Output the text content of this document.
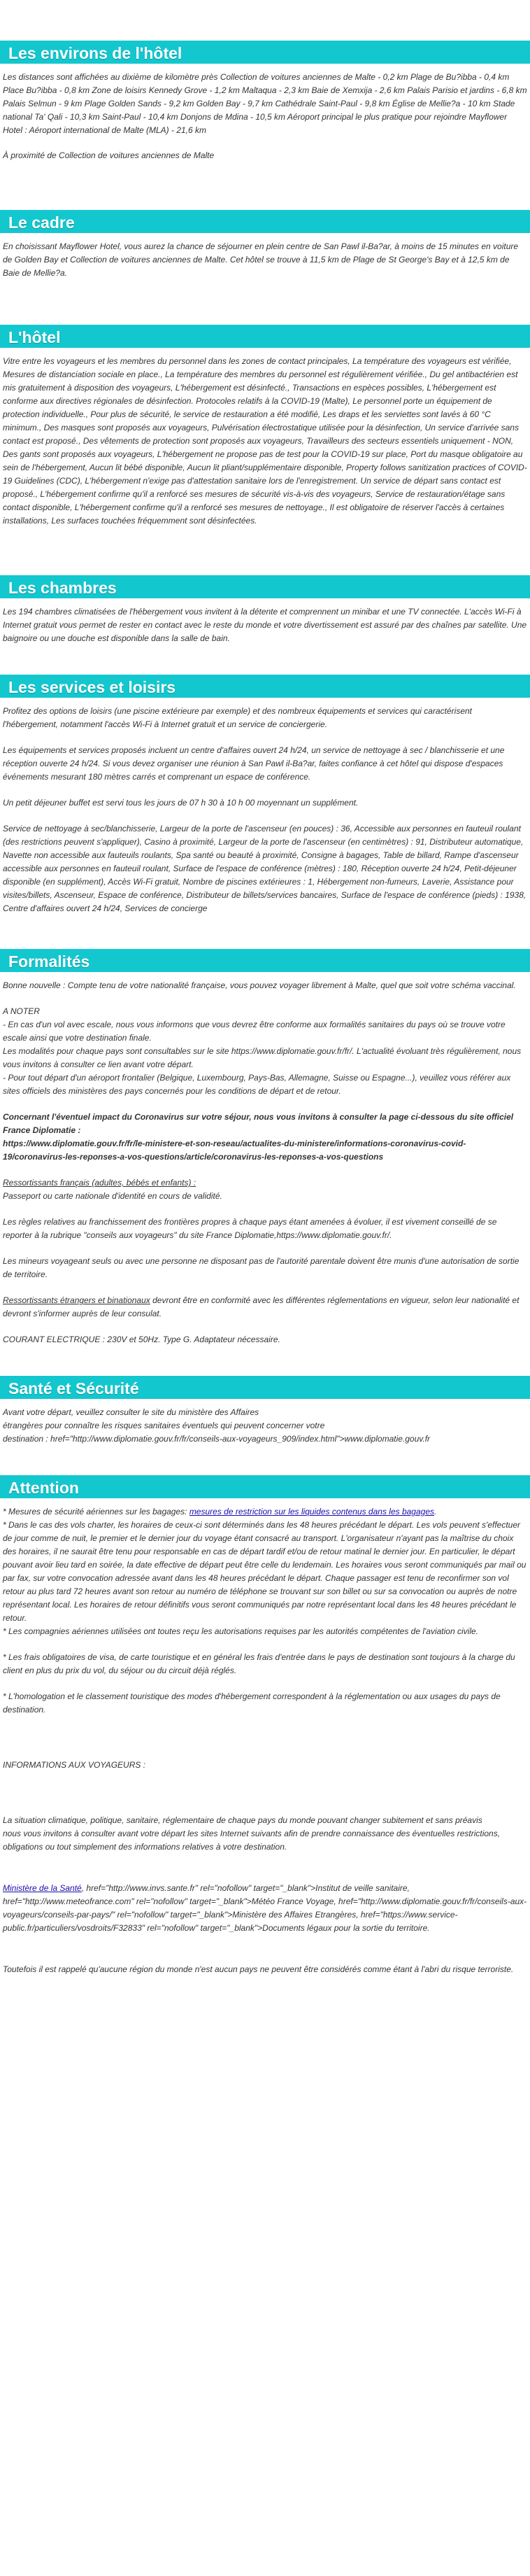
Les environs de l'hôtel

Les distances sont affichées au dixième de kilomètre près Collection de voitures anciennes de Malte - 0,2 km Plage de Bu?ibba - 0,4 km Place Bu?ibba - 0,8 km Zone de loisirs Kennedy Grove - 1,2 km Maltaqua - 2,3 km Baie de Xemxija - 2,6 km Palais Parisio et jardins - 6,8 km Palais Selmun - 9 km Plage Golden Sands - 9,2 km Golden Bay - 9,7 km Cathédrale Saint-Paul - 9,8 km Église de Mellie?a - 10 km Stade national Ta' Qali - 10,3 km Saint-Paul - 10,4 km Donjons de Mdina - 10,5 km Aéroport principal le plus pratique pour rejoindre Mayflower Hotel : Aéroport international de Malte (MLA) - 21,6 km

À proximité de Collection de voitures anciennes de Malte

Le cadre

En choisissant Mayflower Hotel, vous aurez la chance de séjourner en plein centre de San Pawl il-Ba?ar, à moins de 15 minutes en voiture de Golden Bay et Collection de voitures anciennes de Malte. Cet hôtel se trouve à 11,5 km de Plage de St George's Bay et à 12,5 km de Baie de Mellie?a.

L'hôtel

Vitre entre les voyageurs et les membres du personnel dans les zones de contact principales, La température des voyageurs est vérifiée, Mesures de distanciation sociale en place., La température des membres du personnel est régulièrement vérifiée., Du gel antibactérien est mis gratuitement à disposition des voyageurs, L'hébergement est désinfecté., Transactions en espèces possibles, L'hébergement est conforme aux directives régionales de désinfection. Protocoles relatifs à la COVID-19 (Malte), Le personnel porte un équipement de protection individuelle., Pour plus de sécurité, le service de restauration a été modifié, Les draps et les serviettes sont lavés à 60 °C minimum., Des masques sont proposés aux voyageurs, Pulvérisation électrostatique utilisée pour la désinfection, Un service d'arrivée sans contact est proposé., Des vêtements de protection sont proposés aux voyageurs, Travailleurs des secteurs essentiels uniquement - NON, Des gants sont proposés aux voyageurs, L'hébergement ne propose pas de test pour la COVID-19 sur place, Port du masque obligatoire au sein de l'hébergement, Aucun lit bébé disponible, Aucun lit pliant/supplémentaire disponible, Property follows sanitization practices of COVID-19 Guidelines (CDC), L'hébergement n'exige pas d'attestation sanitaire lors de l'enregistrement. Un service de départ sans contact est proposé., L'hébergement confirme qu'il a renforcé ses mesures de sécurité vis-à-vis des voyageurs, Service de restauration/étage sans contact disponible, L'hébergement confirme qu'il a renforcé ses mesures de nettoyage., Il est obligatoire de réserver l'accès à certaines installations, Les surfaces touchées fréquemment sont désinfectées.

Les chambres

Les 194 chambres climatisées de l'hébergement vous invitent à la détente et comprennent un minibar et une TV connectée. L'accès Wi-Fi à Internet gratuit vous permet de rester en contact avec le reste du monde et votre divertissement est assuré par des chaînes par satellite. Une baignoire ou une douche est disponible dans la salle de bain.

Les services et loisirs

Profitez des options de loisirs (une piscine extérieure par exemple) et des nombreux équipements et services qui caractérisent l'hébergement, notamment l'accès Wi-Fi à Internet gratuit et un service de conciergerie.

Les équipements et services proposés incluent un centre d'affaires ouvert 24 h/24, un service de nettoyage à sec / blanchisserie et une réception ouverte 24 h/24. Si vous devez organiser une réunion à San Pawl il-Ba?ar, faites confiance à cet hôtel qui dispose d'espaces événements mesurant 180 mètres carrés et comprenant un espace de conférence.

Un petit déjeuner buffet est servi tous les jours de 07 h 30 à 10 h 00 moyennant un supplément.

Service de nettoyage à sec/blanchisserie, Largeur de la porte de l'ascenseur (en pouces) : 36, Accessible aux personnes en fauteuil roulant (des restrictions peuvent s'appliquer), Casino à proximité, Largeur de la porte de l'ascenseur (en centimètres) : 91, Distributeur automatique, Navette non accessible aux fauteuils roulants, Spa santé ou beauté à proximité, Consigne à bagages, Table de billard, Rampe d'ascenseur accessible aux personnes en fauteuil roulant, Surface de l'espace de conférence (mètres) : 180, Réception ouverte 24 h/24, Petit-déjeuner disponible (en supplément), Accès Wi-Fi gratuit, Nombre de piscines extérieures : 1, Hébergement non-fumeurs, Laverie, Assistance pour visites/billets, Ascenseur, Espace de conférence, Distributeur de billets/services bancaires, Surface de l'espace de conférence (pieds) : 1938, Centre d'affaires ouvert 24 h/24, Services de concierge

Formalités

Bonne nouvelle : Compte tenu de votre nationalité française, vous pouvez voyager librement à Malte, quel que soit votre schéma vaccinal.

A NOTER
- En cas d'un vol avec escale, nous vous informons que vous devrez être conforme aux formalités sanitaires du pays où se trouve votre escale ainsi que votre destination finale.
Les modalités pour chaque pays sont consultables sur le site https://www.diplomatie.gouv.fr/fr/. L'actualité évoluant très régulièrement, nous vous invitons à consulter ce lien avant votre départ.
- Pour tout départ d'un aéroport frontalier (Belgique, Luxembourg, Pays-Bas, Allemagne, Suisse ou Espagne...), veuillez vous référer aux sites officiels des ministères des pays concernés pour les conditions de départ et de retour.

Concernant l'éventuel impact du Coronavirus sur votre séjour, nous vous invitons à consulter la page ci-dessous du site officiel France Diplomatie :
https://www.diplomatie.gouv.fr/fr/le-ministere-et-son-reseau/actualites-du-ministere/informations-coronavirus-covid-19/coronavirus-les-reponses-a-vos-questions/article/coronavirus-les-reponses-a-vos-questions

Ressortissants français (adultes, bébés et enfants) :

Passeport ou carte nationale d'identité en cours de validité.

Les règles relatives au franchissement des frontières propres à chaque pays étant amenées à évoluer, il est vivement conseillé de se reporter à la rubrique "conseils aux voyageurs" du site France Diplomatie,https://www.diplomatie.gouv.fr/.

Les mineurs voyageant seuls ou avec une personne ne disposant pas de l'autorité parentale doivent être munis d'une autorisation de sortie de territoire.

Ressortissants étrangers et binationaux devront être en conformité avec les différentes réglementations en vigueur, selon leur nationalité et devront s'informer auprès de leur consulat.

COURANT ELECTRIQUE : 230V et 50Hz. Type G. Adaptateur nécessaire.

Santé et Sécurité

Avant votre départ, veuillez consulter le site du ministère des Affaires
étrangères pour connaître les risques sanitaires éventuels qui peuvent concerner votre
destination : href="http://www.diplomatie.gouv.fr/fr/conseils-aux-voyageurs_909/index.html">www.diplomatie.gouv.fr

Attention

* Mesures de sécurité aériennes sur les bagages: mesures de restriction sur les liquides contenus dans les bagages.

* Dans le cas des vols charter, les horaires de ceux-ci sont déterminés dans les 48 heures précédant le départ. Les vols peuvent s'effectuer de jour comme de nuit, le premier et le dernier jour du voyage étant consacré au transport. L'organisateur n'ayant pas la maîtrise du choix des horaires, il ne saurait être tenu pour responsable en cas de départ tardif et/ou de retour matinal le dernier jour. En particulier, le départ pouvant avoir lieu tard en soirée, la date effective de départ peut être celle du lendemain. Les horaires vous seront communiqués par mail ou par fax, sur votre convocation adressée avant dans les 48 heures précédant le départ. Chaque passager est tenu de reconfirmer son vol retour au plus tard 72 heures avant son retour au numéro de téléphone se trouvant sur son billet ou sur sa convocation ou auprès de notre représentant local. Les horaires de retour définitifs vous seront communiqués par notre représentant local dans les 48 heures précédant le retour.
* Les compagnies aériennes utilisées ont toutes reçu les autorisations requises par les autorités compétentes de l'aviation civile.

* Les frais obligatoires de visa, de carte touristique et en général les frais d'entrée dans le pays de destination sont toujours à la charge du client en plus du prix du vol, du séjour ou du circuit déjà réglés.

* L'homologation et le classement touristique des modes d'hébergement correspondent à la réglementation ou aux usages du pays de destination.

INFORMATIONS AUX VOYAGEURS :

La situation climatique, politique, sanitaire, réglementaire de chaque pays du monde pouvant changer subitement et sans préavis
nous vous invitons à consulter avant votre départ les sites Internet suivants afin de prendre connaissance des éventuelles restrictions, obligations ou tout simplement des informations relatives à votre destination.

Ministère de la Santé, href="http://www.invs.sante.fr" rel="nofollow" target="_blank">Institut de veille sanitaire, href="http://www.meteofrance.com" rel="nofollow" target="_blank">Météo France Voyage, href="http://www.diplomatie.gouv.fr/fr/conseils-aux-voyageurs/conseils-par-pays/" rel="nofollow" target="_blank">Ministère des Affaires Etrangères, href="https://www.service-public.fr/particuliers/vosdroits/F32833" rel="nofollow" target="_blank">Documents légaux pour la sortie du territoire.

Toutefois il est rappelé qu'aucune région du monde n'est aucun pays ne peuvent être considérés comme étant à l'abri du risque terroriste.
